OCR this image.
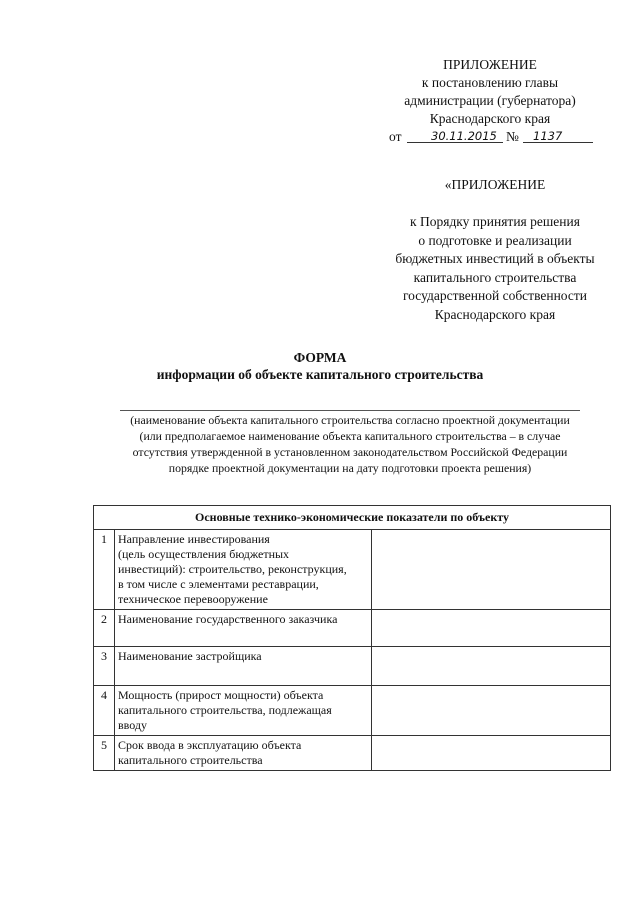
ПРИЛОЖЕНИЕ
к постановлению главы
администрации (губернатора)
Краснодарского края
от	30.11.2015 № 1137
«ПРИЛОЖЕНИЕ
к Порядку принятия решения
о подготовке и реализации
бюджетных инвестиций в объекты
капитального строительства
государственной собственности
Краснодарского края
ФОРМА
информации об объекте капитального строительства
(наименование объекта капитального строительства согласно проектной документации
(или предполагаемое наименование объекта капитального строительства – в случае
отсутствия утвержденной в установленном законодательством Российской Федерации
порядке проектной документации на дату подготовки проекта решения)
Основные технико-экономические показатели по объекту		
1	Направление инвестирования
(цель осуществления бюджетных
инвестиций): строительство, реконструкция,
в том числе с элементами реставрации,
техническое перевооружение	

2	Наименование государственного заказчика	

3	Наименование застройщика	

4	Мощность (прирост мощности) объекта
капитального строительства, подлежащая
вводу	

5	Срок ввода в эксплуатацию объекта
капитального строительства	
